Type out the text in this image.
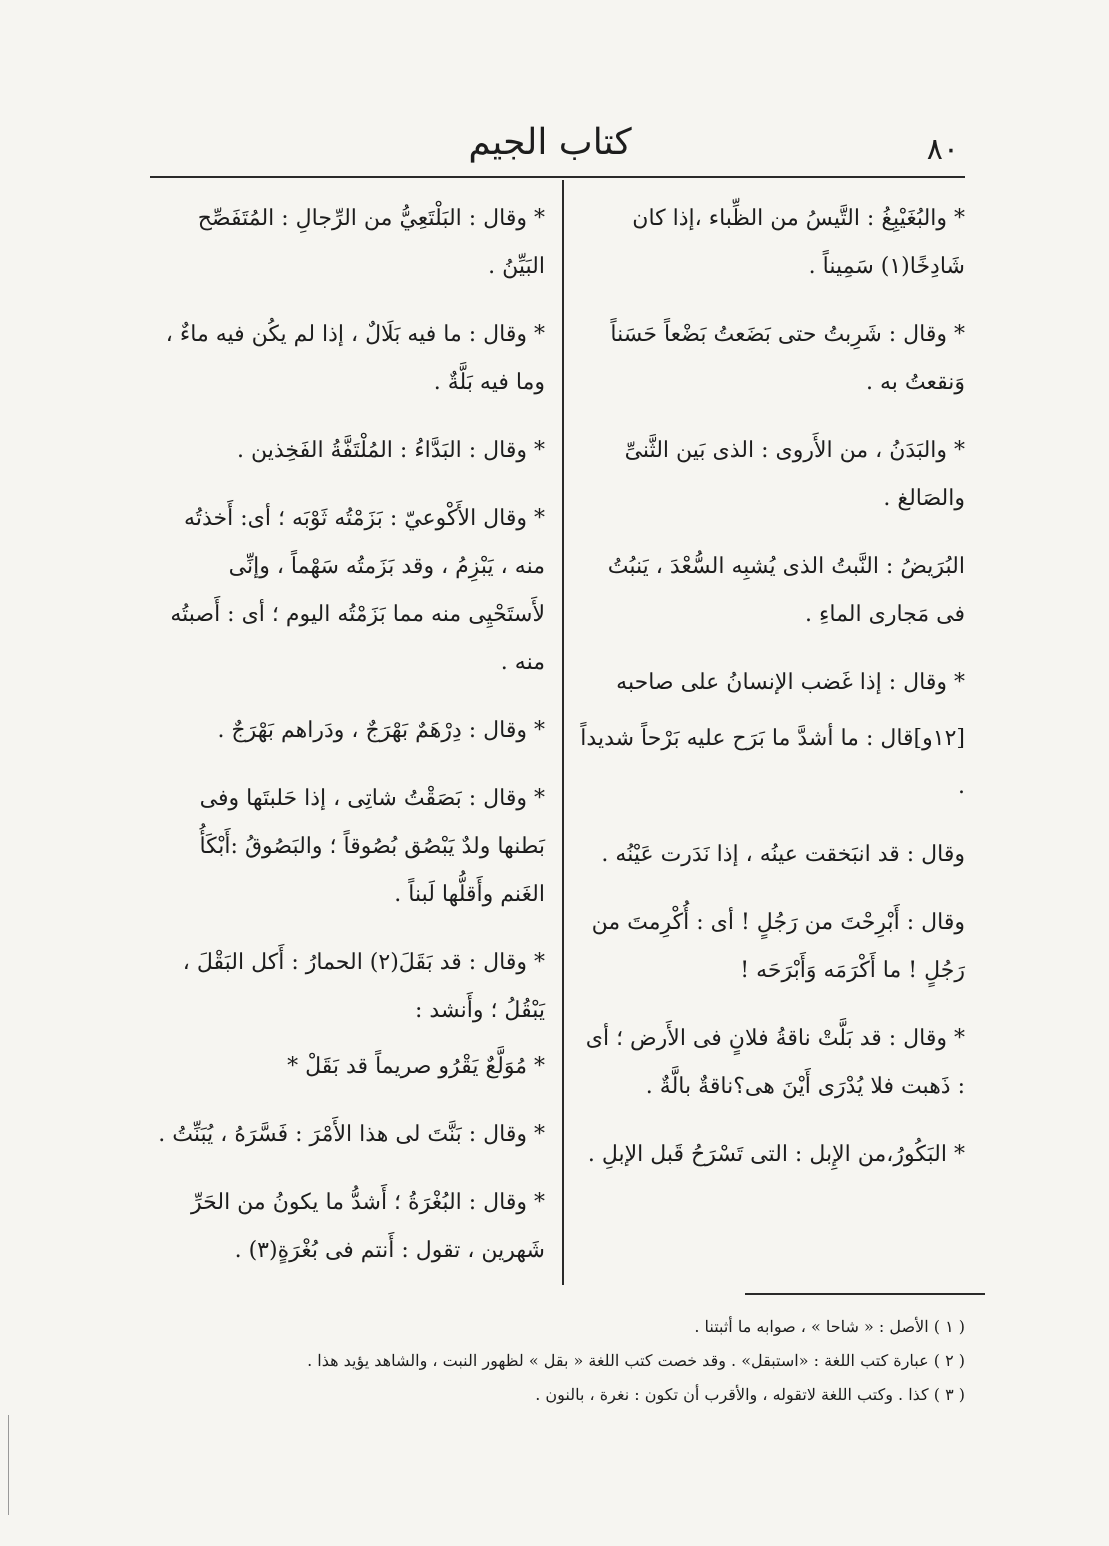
٨٠
كتاب الجيم

* والبُغَيْبِغُ : التَّيسُ من الظِّباء ،إذا كان شَادِخًا(١) سَمِيناً .

* وقال : شَرِبتُ حتى بَضَعتُ بَضْعاً حَسَناً وَنقعتُ به .

* والبَدَنُ ، من الأَروى : الذى بَين الثَّنىِّ والصَالغ .

البُرَيضُ : النَّبتُ الذى يُشبِه السُّعْدَ ، يَنبُتُ فى مَجارى الماءِ .

* وقال : إذا غَضب الإنسانُ على صاحبه

[١٢و]قال : ما أشدَّ ما بَرَح عليه بَرْحاً شديداً .

وقال : قد انبَخقت عينُه ، إذا نَدَرت عَيْنُه .

وقال : أَبْرِحْتَ من رَجُلٍ ! أى : أُكْرِمتَ من رَجُلٍ ! ما أَكْرَمَه وَأَبْرَحَه !

* وقال : قد بَلَّتْ ناقةُ فلانٍ فى الأَرض ؛ أى : ذَهبت فلا يُدْرَى أَيْنَ هى؟ناقةٌ بالَّةٌ .

* البَكُورُ،من الإِبل : التى تَسْرَحُ قَبل الإبلِ .

* وقال : البَلْتَعِيُّ من الرِّجالِ : المُتَفَصِّح البَيِّنُ .

* وقال : ما فيه بَلَالٌ ، إذا لم يكُن فيه ماءٌ ، وما فيه بَلَّةٌ .

* وقال : البَدَّاءُ : المُلْتَفَّةُ الفَخِذين .

* وقال الأَكْوعيّ : بَزَمْتُه ثَوْبَه ؛ أى: أَخذتُه منه ، يَبْزِمُ ، وقد بَزَمتُه سَهْماً ، وإنِّى لأَستَحْيِى منه مما بَزَمْتُه اليوم ؛ أى : أَصبتُه منه .

* وقال : دِرْهَمٌ بَهْرَجٌ ، ودَراهم بَهْرَجٌ .

* وقال : بَصَقْتُ شاتِى ، إذا حَلبتَها وفى بَطنها ولدٌ يَبْصُق بُصُوقاً ؛ والبَصُوقُ :أَبْكَأُ الغَنم وأَقلُّها لَبناً .

* وقال : قد بَقَلَ(٢) الحمارُ : أَكل البَقْلَ ، يَبْقُلُ ؛ وأَنشد :

* مُوَلَّعٌ يَقْرُو صريماً قد بَقَلْ *

* وقال : بَنَّتَ لى هذا الأَمْرَ : فَسَّرَهُ ، يُبَنِّتُ .

* وقال : البُغْرَةُ ؛ أَشدُّ ما يكونُ من الحَرِّ شَهرين ، تقول : أَنتم فى بُغْرَةٍ(٣) .

( ١ ) الأصل : « شاحا » ، صوابه ما أثبتنا .

( ٢ ) عبارة كتب اللغة : «استبقل» . وقد خصت كتب اللغة « بقل » لظهور النبت ، والشاهد يؤيد هذا .

( ٣ ) كذا . وكتب اللغة لاتقوله ، والأقرب أن تكون : نغرة ، بالنون .
